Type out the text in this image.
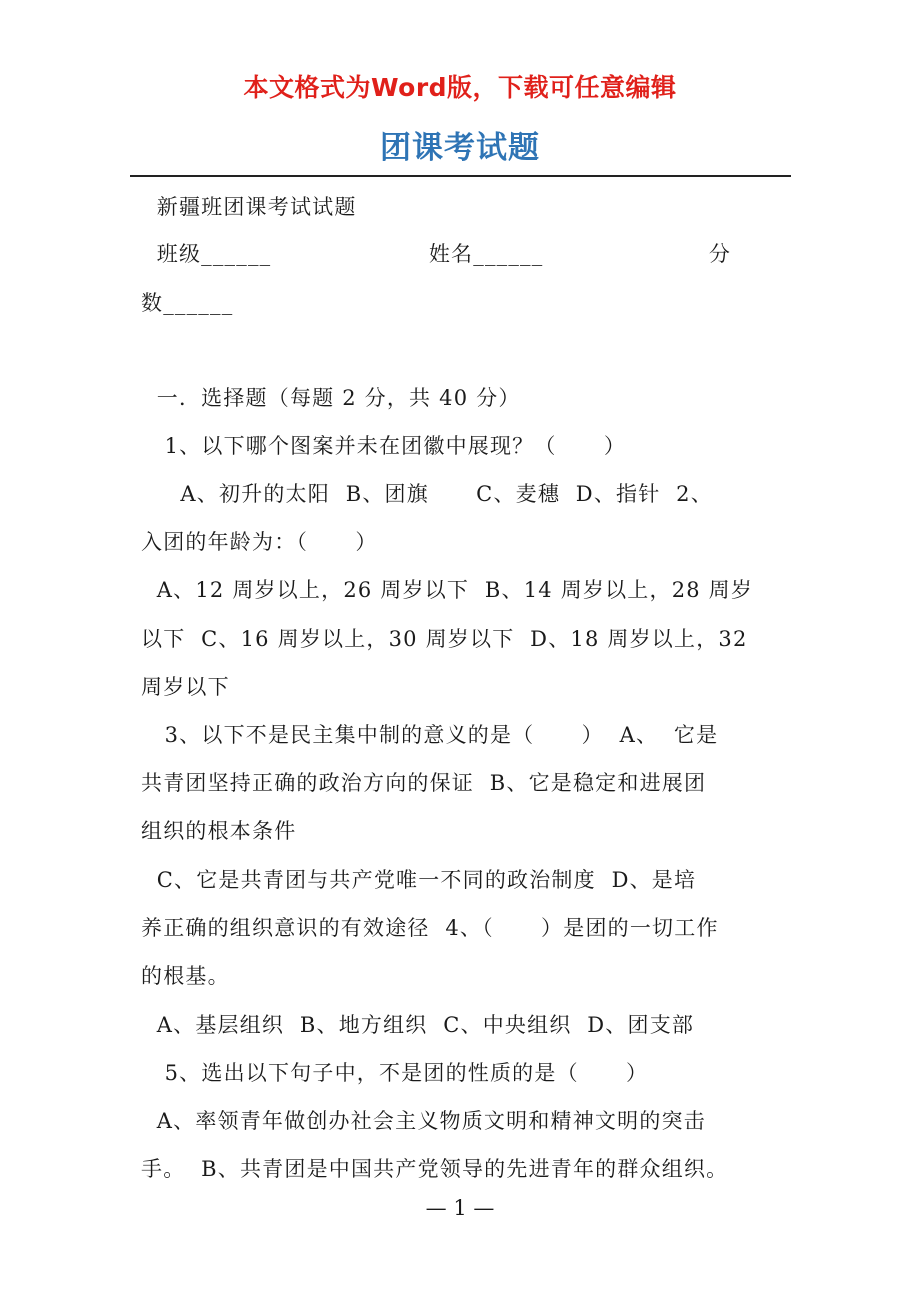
本文格式为Word版，下载可任意编辑
团课考试题
新疆班团课考试试题
班级______                    姓名______                     分
数______
一．选择题（每题 2 分，共 40 分）
1、以下哪个图案并未在团徽中展现？（      ）
A、初升的太阳  B、团旗      C、麦穗  D、指针  2、
入团的年龄为：（      ）
A、12 周岁以上，26 周岁以下  B、14 周岁以上，28 周岁
以下  C、16 周岁以上，30 周岁以下  D、18 周岁以上，32
周岁以下
3、以下不是民主集中制的意义的是（      ）  A、  它是
共青团坚持正确的政治方向的保证  B、它是稳定和进展团
组织的根本条件
C、它是共青团与共产党唯一不同的政治制度  D、是培
养正确的组织意识的有效途径  4、（      ）是团的一切工作
的根基。
A、基层组织  B、地方组织  C、中央组织  D、团支部
5、选出以下句子中，不是团的性质的是（      ）
A、率领青年做创办社会主义物质文明和精神文明的突击
手。  B、共青团是中国共产党领导的先进青年的群众组织。
— 1 —
